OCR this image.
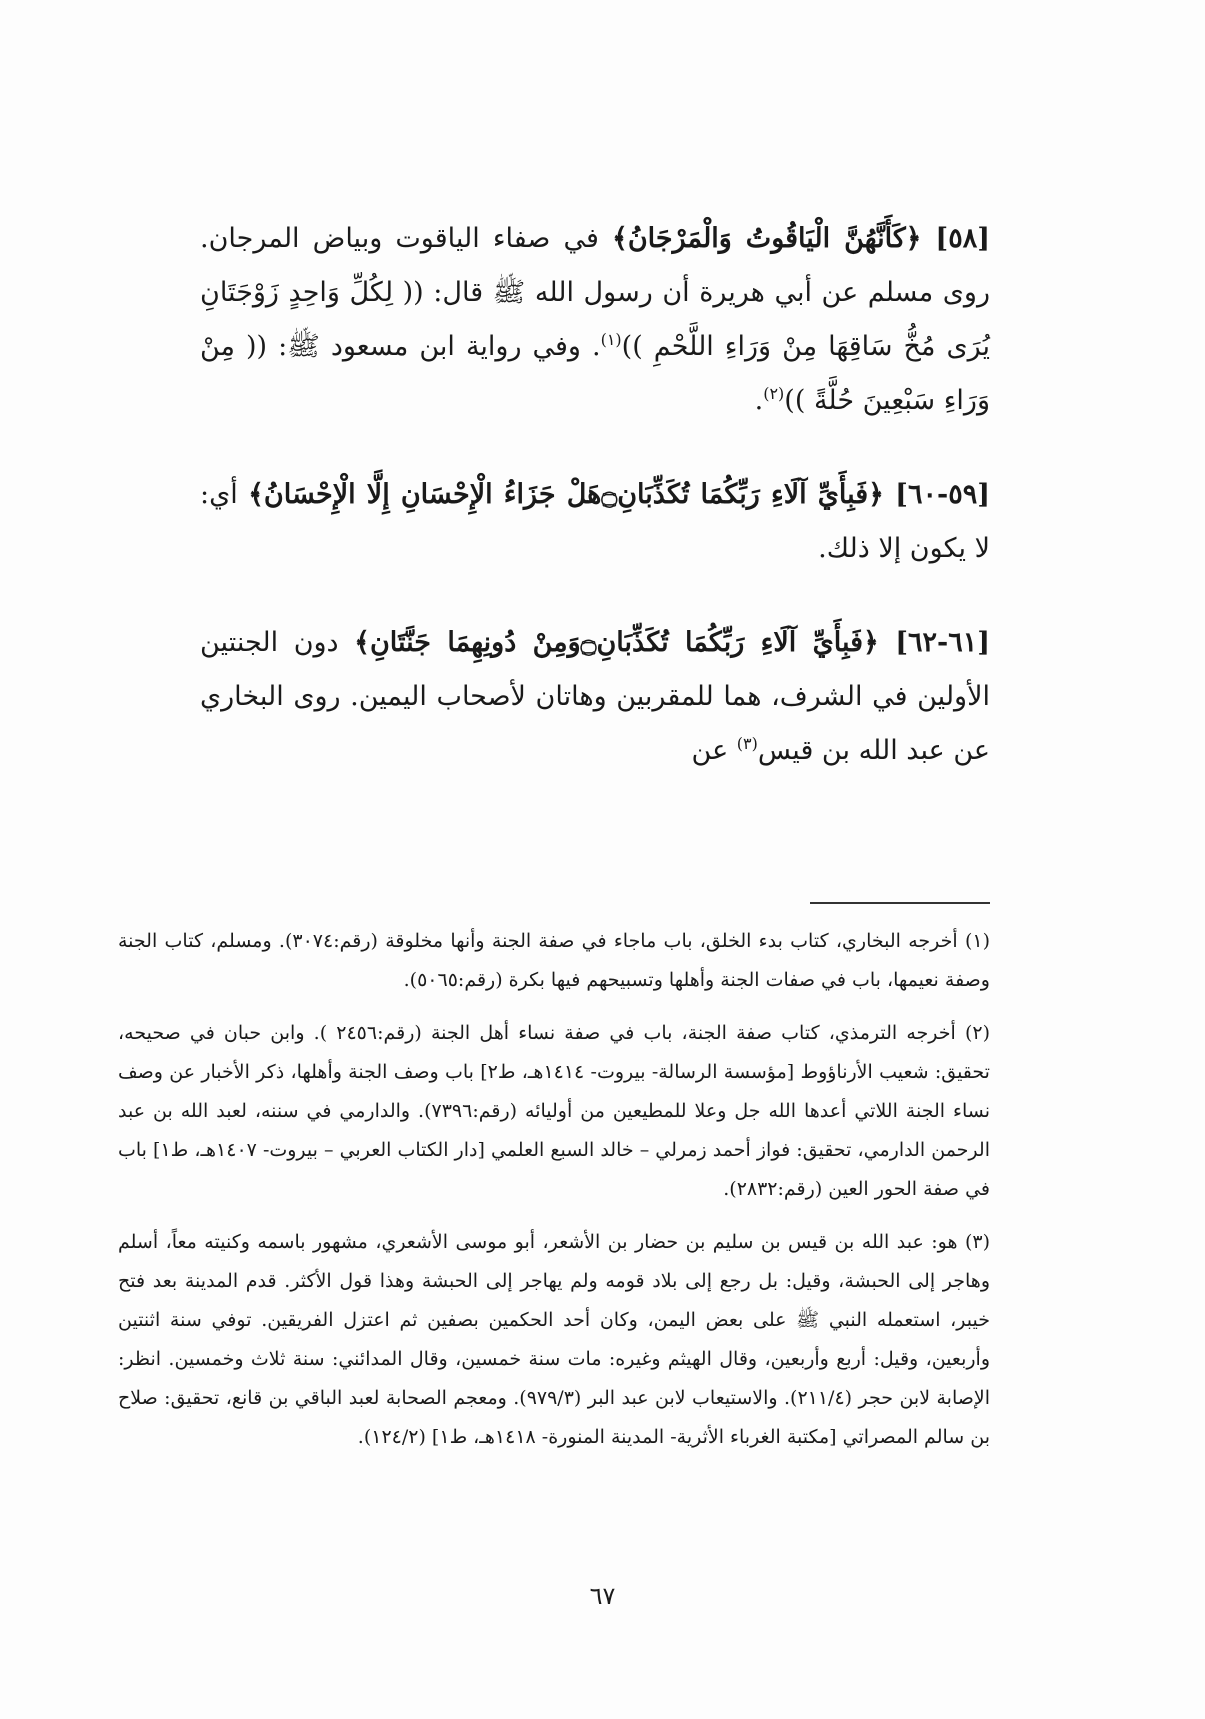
[٥٨] ﴿كَأَنَّهُنَّ الْيَاقُوتُ وَالْمَرْجَانُ﴾ في صفاء الياقوت وبياض المرجان. روى مسلم عن أبي هريرة أن رسول الله ﷺ قال: (( لِكُلِّ وَاحِدٍ زَوْجَتَانِ يُرَى مُخُّ سَاقِهَا مِنْ وَرَاءِ اللَّحْمِ ))$^{(١)}$. وفي رواية ابن مسعود ﷺ: (( مِنْ وَرَاءِ سَبْعِينَ حُلَّةً ))$^{(٢)}$.

[٥٩-٦٠] ﴿فَبِأَيِّ آلَاءِ رَبِّكُمَا تُكَذِّبَانِ۝هَلْ جَزَاءُ الْإِحْسَانِ إِلَّا الْإِحْسَانُ﴾ أي: لا يكون إلا ذلك.

[٦١-٦٢] ﴿فَبِأَيِّ آلَاءِ رَبِّكُمَا تُكَذِّبَانِ۝وَمِنْ دُونِهِمَا جَنَّتَانِ﴾ دون الجنتين الأولين في الشرف، هما للمقربين وهاتان لأصحاب اليمين. روى البخاري عن عبد الله بن قيس$^{(٣)}$ عن

(١) أخرجه البخاري، كتاب بدء الخلق، باب ماجاء في صفة الجنة وأنها مخلوقة (رقم:٣٠٧٤). ومسلم، كتاب الجنة وصفة نعيمها، باب في صفات الجنة وأهلها وتسبيحهم فيها بكرة (رقم:٥٠٦٥).

(٢) أخرجه الترمذي، كتاب صفة الجنة، باب في صفة نساء أهل الجنة (رقم:٢٤٥٦ ). وابن حبان في صحيحه، تحقيق: شعيب الأرناؤوط [مؤسسة الرسالة- بيروت- ١٤١٤هـ، ط٢] باب وصف الجنة وأهلها، ذكر الأخبار عن وصف نساء الجنة اللاتي أعدها الله جل وعلا للمطيعين من أوليائه (رقم:٧٣٩٦). والدارمي في سننه، لعبد الله بن عبد الرحمن الدارمي، تحقيق: فواز أحمد زمرلي – خالد السبع العلمي [دار الكتاب العربي – بيروت- ١٤٠٧هـ، ط١] باب في صفة الحور العين (رقم:٢٨٣٢).

(٣) هو: عبد الله بن قيس بن سليم بن حضار بن الأشعر، أبو موسى الأشعري، مشهور باسمه وكنيته معاً، أسلم وهاجر إلى الحبشة، وقيل: بل رجع إلى بلاد قومه ولم يهاجر إلى الحبشة وهذا قول الأكثر. قدم المدينة بعد فتح خيبر، استعمله النبي ﷺ على بعض اليمن، وكان أحد الحكمين بصفين ثم اعتزل الفريقين. توفي سنة اثنتين وأربعين، وقيل: أربع وأربعين، وقال الهيثم وغيره: مات سنة خمسين، وقال المدائني: سنة ثلاث وخمسين. انظر: الإصابة لابن حجر (٢١١/٤). والاستيعاب لابن عبد البر (٩٧٩/٣). ومعجم الصحابة لعبد الباقي بن قانع، تحقيق: صلاح بن سالم المصراتي [مكتبة الغرباء الأثرية- المدينة المنورة- ١٤١٨هـ، ط١] (١٢٤/٢).

٦٧
